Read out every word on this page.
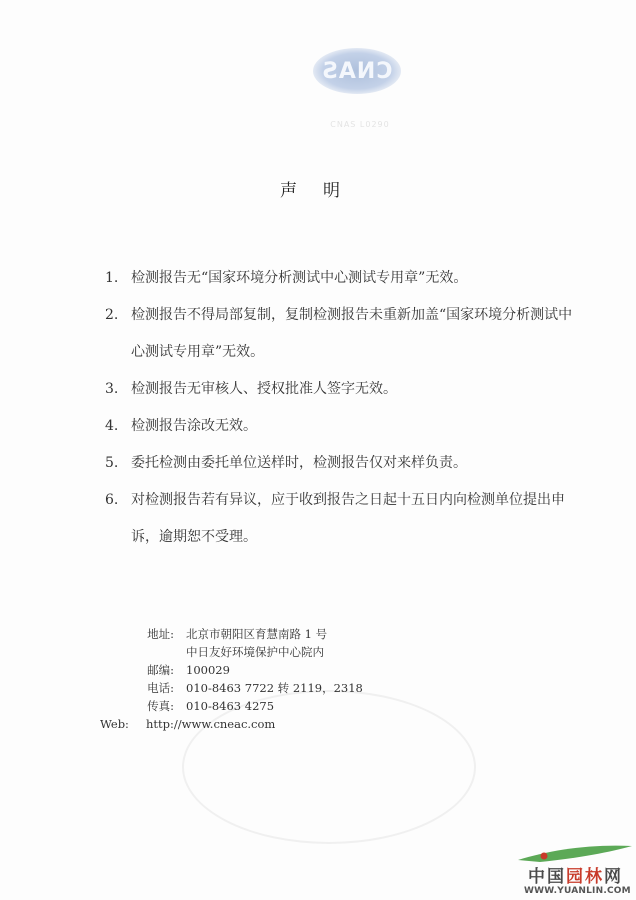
CNAS
CNAS L0290
声明
1. 检测报告无“国家环境分析测试中心测试专用章”无效。
2. 检测报告不得局部复制，复制检测报告未重新加盖“国家环境分析测试中心测试专用章”无效。
3. 检测报告无审核人、授权批准人签字无效。
4. 检测报告涂改无效。
5. 委托检测由委托单位送样时，检测报告仅对来样负责。
6. 对检测报告若有异议，应于收到报告之日起十五日内向检测单位提出申诉，逾期恕不受理。
地址:	北京市朝阳区育慧南路 1 号
中日友好环境保护中心院内
邮编:	100029
电话:	010-8463 7722 转 2119，2318
传真:	010-8463 4275
Web:	http://www.cneac.com
中国园林网
WWW.YUANLIN.COM
